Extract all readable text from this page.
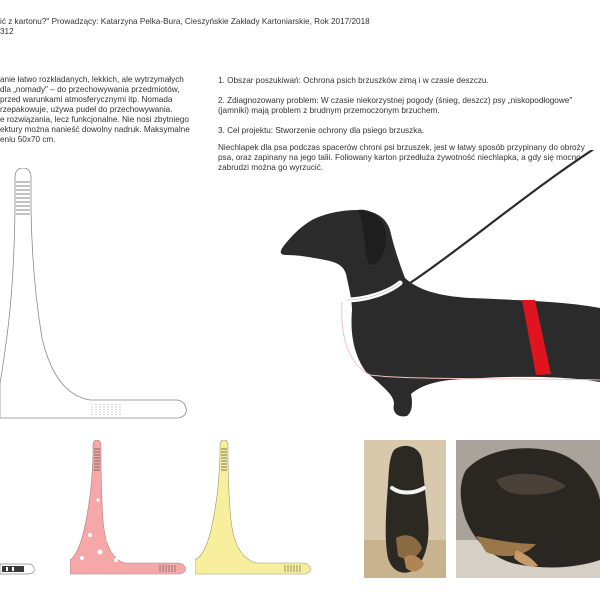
ić z kartonu?" Prowadzący: Katarzyna Pelka-Bura, Cieszyńskie Zakłady Kartoniarskie, Rok 2017/2018
312
anie łatwo rozkładanych, lekkich, ale wytrzymałych
dla „nomady" – do przechowywania przedmiotów,
przed warunkami atmosferycznymi itp. Nomada
rzepakowuje, używa pudeł do przechowywania.
e rozwiązania, lecz funkcjonalne. Nie nosi zbytniego
ektury można nanieść dowolny nadruk. Maksymalne
eniu 50x70 cm.

1. Obszar poszukiwań: Ochrona psich brzuszków zimą i w czasie deszczu.

2. Zdiagnozowany problem: W czasie niekorzystnej pogody (śnieg, deszcz) psy „niskopodłogowe"
(jamniki) mają problem z brudnym przemoczonym brzuchem.

3. Cel projektu: Stworzenie ochrony dla psiego brzuszka.

Niechlapek dla psa podczas spacerów chroni psi brzuszek, jest w łatwy sposób przypinany do obroży
psa, oraz zapinany na jego talii. Foliowany karton przedłuża żywotność niechlapka, a gdy się mocno
zabrudzi można go wyrzucić.
